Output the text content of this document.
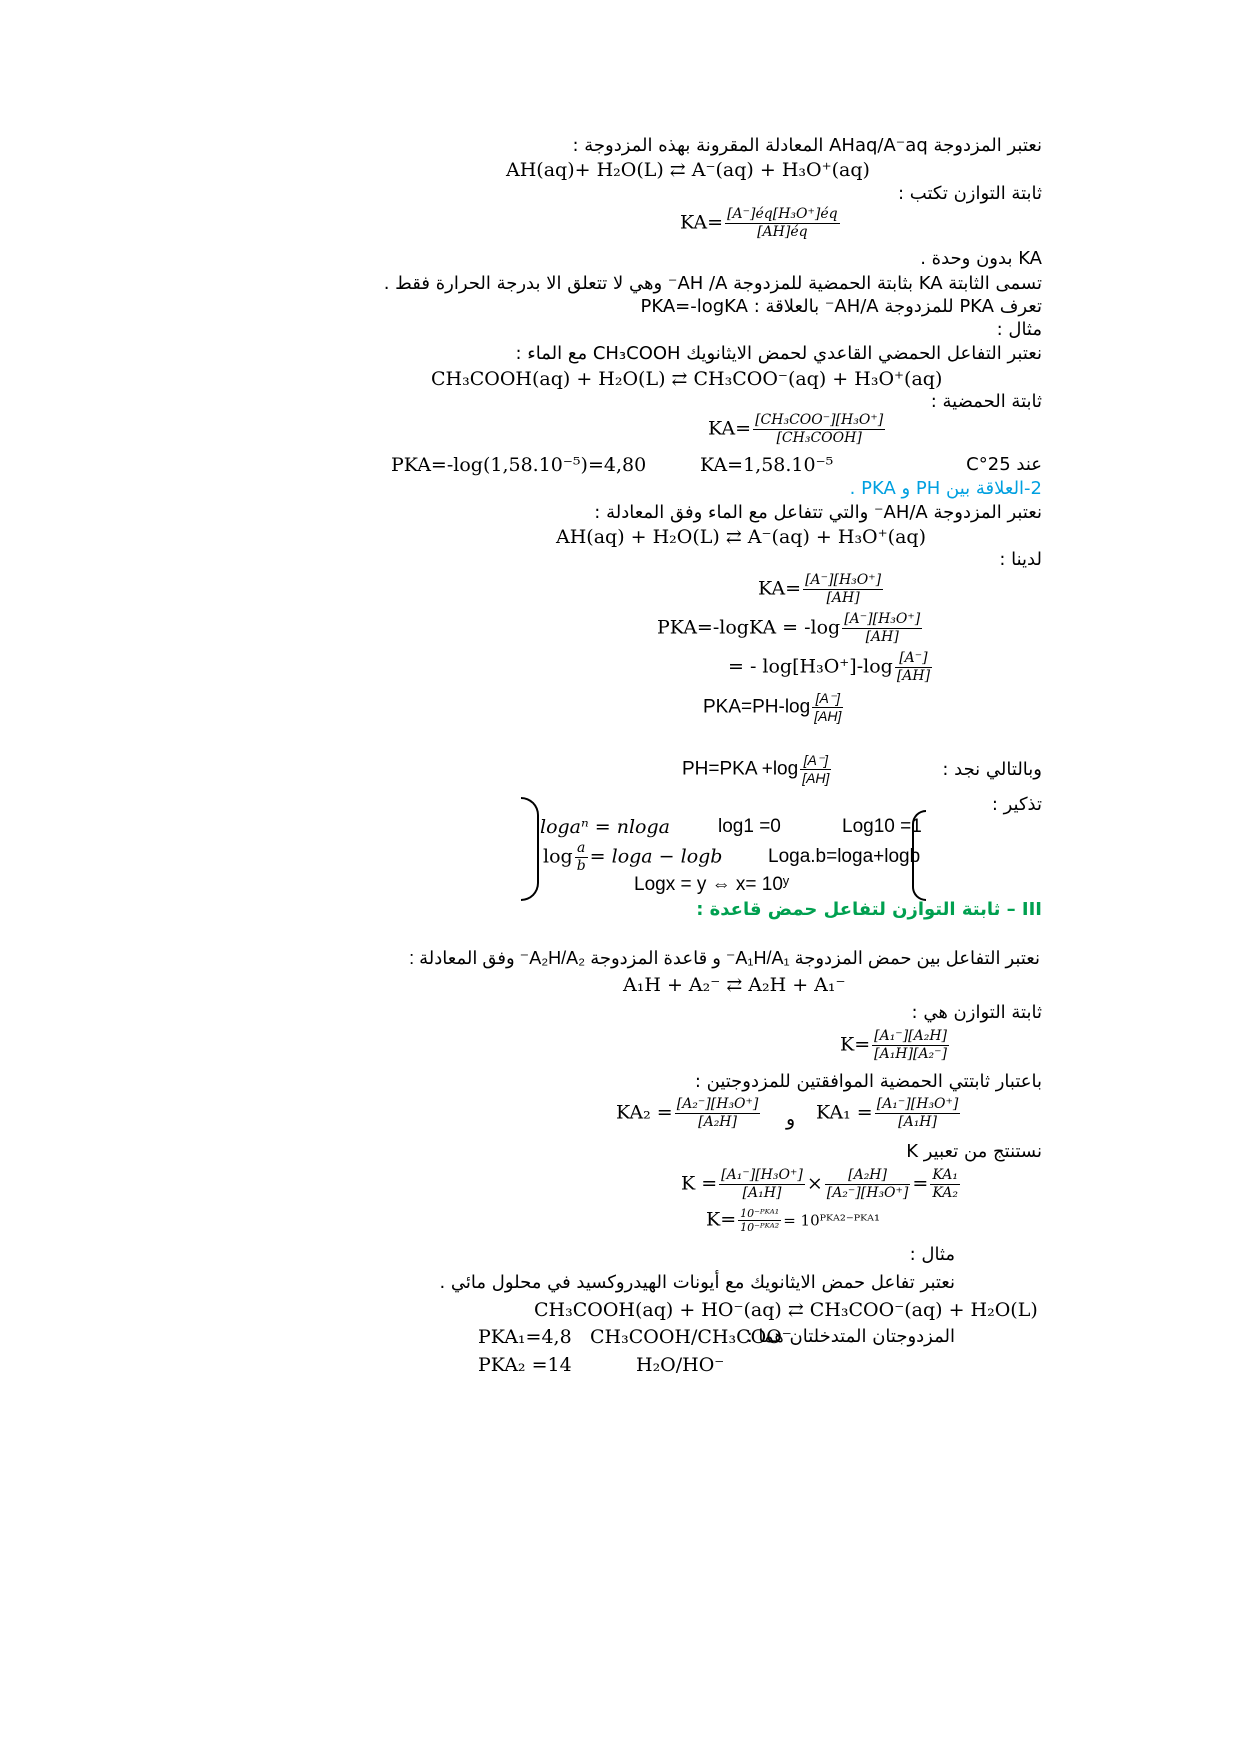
نعتبر المزدوجة AHaq/A⁻aq المعادلة المقرونة بهذه المزدوجة :
AH(aq)+ H₂O(L) ⇄ A⁻(aq) + H₃O⁺(aq)
ثابتة التوازن تكتب :
$KA= \frac{\text{[A⁻]éq[H₃O⁺]éq}}{[AH]éq}$
KA بدون وحدة .
تسمى الثابتة KA بثابتة الحمضية للمزدوجة AH /A⁻ وهي لا تتعلق الا بدرجة الحرارة فقط .
تعرف PKA للمزدوجة AH/A⁻ بالعلاقة : PKA=-logKA
مثال :
نعتبر التفاعل الحمضي القاعدي لحمض الايثانويك CH₃COOH مع الماء :
CH₃COOH(aq) + H₂O(L) ⇄ CH₃COO⁻(aq) + H₃O⁺(aq)
ثابتة الحمضية :
$KA= \frac{\text{[CH₃COO⁻][H₃O⁺]}}{\text{[CH₃COOH]}}$
عند 25°C
KA=1,58.10⁻⁵
PKA=-log(1,58.10⁻⁵)=4,80
2-العلاقة بين PH و PKA .
نعتبر المزدوجة AH/A⁻ والتي تتفاعل مع الماء وفق المعادلة :
AH(aq) + H₂O(L) ⇄ A⁻(aq) + H₃O⁺(aq)
لدينا :
$KA= \frac{\text{[A⁻][H₃O⁺]}}{[AH]}$
PKA=-logKA = $-\log \frac{\text{[A⁻][H₃O⁺]}}{[AH]}$
= - $\log[H_3O^+]-\log \frac{[A^-]}{[AH]}$
$PKA=PH-\log \frac{[A^-]}{[AH]}$
وبالتالي نجد :
$PH=PKA +\log \frac{[A^-]}{[AH]}$
تذكير :
logaⁿ = nloga	log1 =0	Log10 =1
$\log \frac{a}{b} = \log a - \log b$ Loga.b=loga+logb
Logx = y ⇔ x= 10ʸ
III – ثابتة التوازن لتفاعل حمض قاعدة :
نعتبر التفاعل بين حمض المزدوجة A₁H/A₁⁻ و قاعدة المزدوجة A₂H/A₂⁻ وفق المعادلة :
A₁H + A₂⁻ ⇄ A₂H + A₁⁻
ثابتة التوازن هي :
$K= \frac{\text{[A₁⁻][A₂H]}}{\text{[A₁H][A₂⁻]}}$
باعتبار ثابتتي الحمضية الموافقتين للمزدوجتين :
$KA_2 = \frac{\text{[A₂⁻][H₃O⁺]}}{\text{[A₂H]}}$ و $KA_1 = \frac{\text{[A₁⁻][H₃O⁺]}}{\text{[A₁H]}}$
نستنتج من تعبير K
$K = \frac{\text{[A₁⁻][H₃O⁺]}}{\text{[A₁H]}} \times \frac{\text{[A₂H]}}{\text{[A₂⁻][H₃O⁺]}} = \frac{\text{KA₁}}{\text{KA₂}}$
$K= \frac{\text{10⁻ᴾᴷᴬ¹}}{\text{10⁻ᴾᴷᴬ²}}$ = 10ᴾᴷᴬ²⁻ᴾᴷᴬ¹
مثال :
نعتبر تفاعل حمض الايثانويك مع أيونات الهيدروكسيد في محلول مائي .
CH₃COOH(aq) + HO⁻(aq) ⇄ CH₃COO⁻(aq) + H₂O(L)
المزدوجتان المتدخلتان هما :
CH₃COOH/CH₃COO⁻
PKA₁=4,8
H₂O/HO⁻
PKA₂ =14
